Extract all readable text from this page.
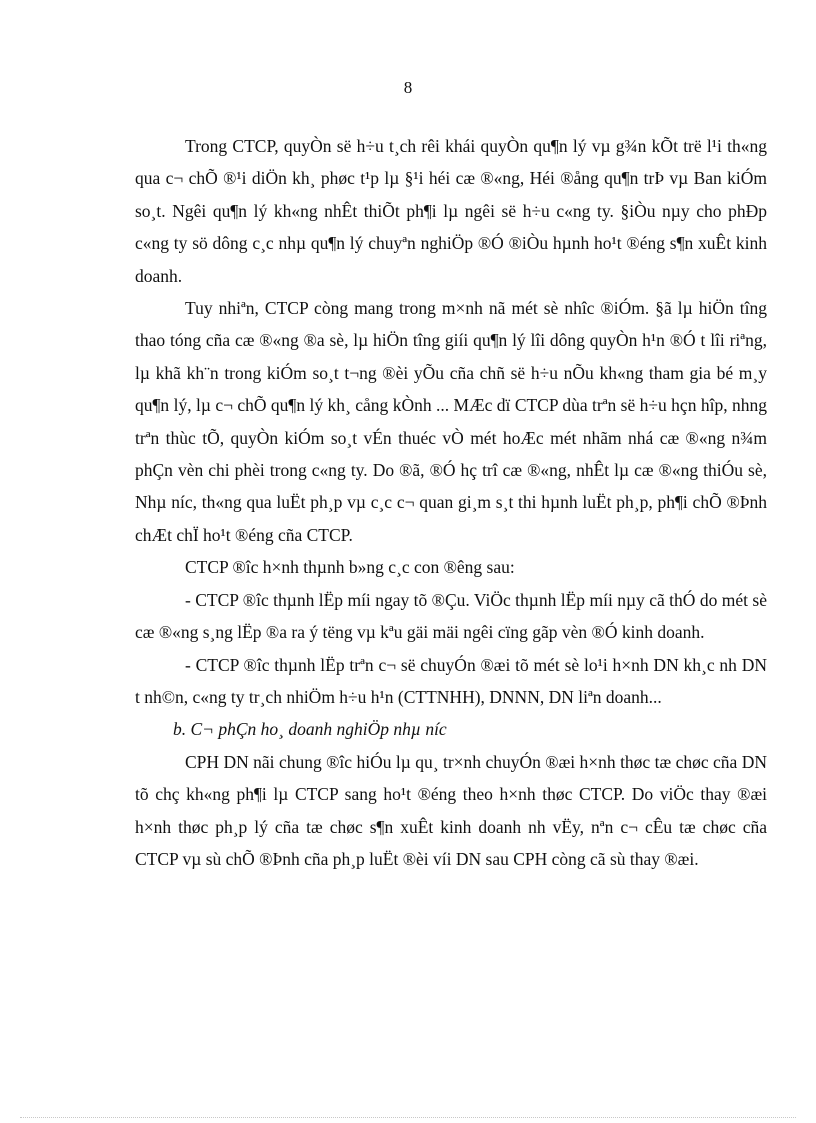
8

Trong CTCP, quyÒn së h÷u t¸ch rêi khái quyÒn qu¶n lý vµ g¾n kÕt trë l¹i th«ng qua c¬ chÕ ®¹i diÖn kh¸ phøc t¹p lµ §¹i héi cæ ®«ng, Héi ®ång qu¶n trÞ vµ Ban kiÓm so¸t. Ngêi qu¶n lý kh«ng nhÊt thiÕt ph¶i lµ ngêi së h÷u c«ng ty. §iÒu nµy cho phÐp c«ng ty sö dông c¸c nhµ qu¶n lý chuyªn nghiÖp ®Ó ®iÒu hµnh ho¹t ®éng s¶n xuÊt kinh doanh.

Tuy nhiªn, CTCP còng mang trong m×nh nã mét sè nhîc ®iÓm. §ã lµ hiÖn tîng thao tóng cña cæ ®«ng ®a sè, lµ hiÖn tîng giíi qu¶n lý lîi dông quyÒn h¹n ®Ó t lîi riªng, lµ khã kh¨n trong kiÓm so¸t t¬ng ®èi yÕu cña chñ së h÷u nÕu kh«ng tham gia bé m¸y qu¶n lý, lµ c¬ chÕ qu¶n lý kh¸ cång kÒnh ... MÆc dï CTCP dùa trªn së h÷u hçn hîp, nhng trªn thùc tÕ, quyÒn kiÓm so¸t vÉn thuéc vÒ mét hoÆc mét nhãm nhá cæ ®«ng n¾m phÇn vèn chi phèi trong c«ng ty. Do ®ã, ®Ó hç trî cæ ®«ng, nhÊt lµ cæ ®«ng thiÓu sè, Nhµ níc, th«ng qua luËt ph¸p vµ c¸c c¬ quan gi¸m s¸t thi hµnh luËt ph¸p, ph¶i chÕ ®Þnh chÆt chÏ ho¹t ®éng cña CTCP.

CTCP ®îc h×nh thµnh b»ng c¸c con ®êng sau:

- CTCP ®îc thµnh lËp míi ngay tõ ®Çu. ViÖc thµnh lËp míi nµy cã thÓ do mét sè cæ ®«ng s¸ng lËp ®a ra ý tëng vµ kªu gäi mäi ngêi cïng gãp vèn ®Ó kinh doanh.

- CTCP ®îc thµnh lËp trªn c¬ së chuyÓn ®æi tõ mét sè lo¹i h×nh DN kh¸c nh DN t nh©n, c«ng ty tr¸ch nhiÖm h÷u h¹n (CTTNHH), DNNN, DN liªn doanh...

b. C¬ phÇn ho¸ doanh nghiÖp nhµ níc

CPH DN nãi chung ®îc hiÓu lµ qu¸ tr×nh chuyÓn ®æi h×nh thøc tæ chøc cña DN tõ chç kh«ng ph¶i lµ CTCP sang ho¹t ®éng theo h×nh thøc CTCP. Do viÖc thay ®æi h×nh thøc ph¸p lý cña tæ chøc s¶n xuÊt kinh doanh nh vËy, nªn c¬ cÊu tæ chøc cña CTCP vµ sù chÕ ®Þnh cña ph¸p luËt ®èi víi DN sau CPH còng cã sù thay ®æi.
